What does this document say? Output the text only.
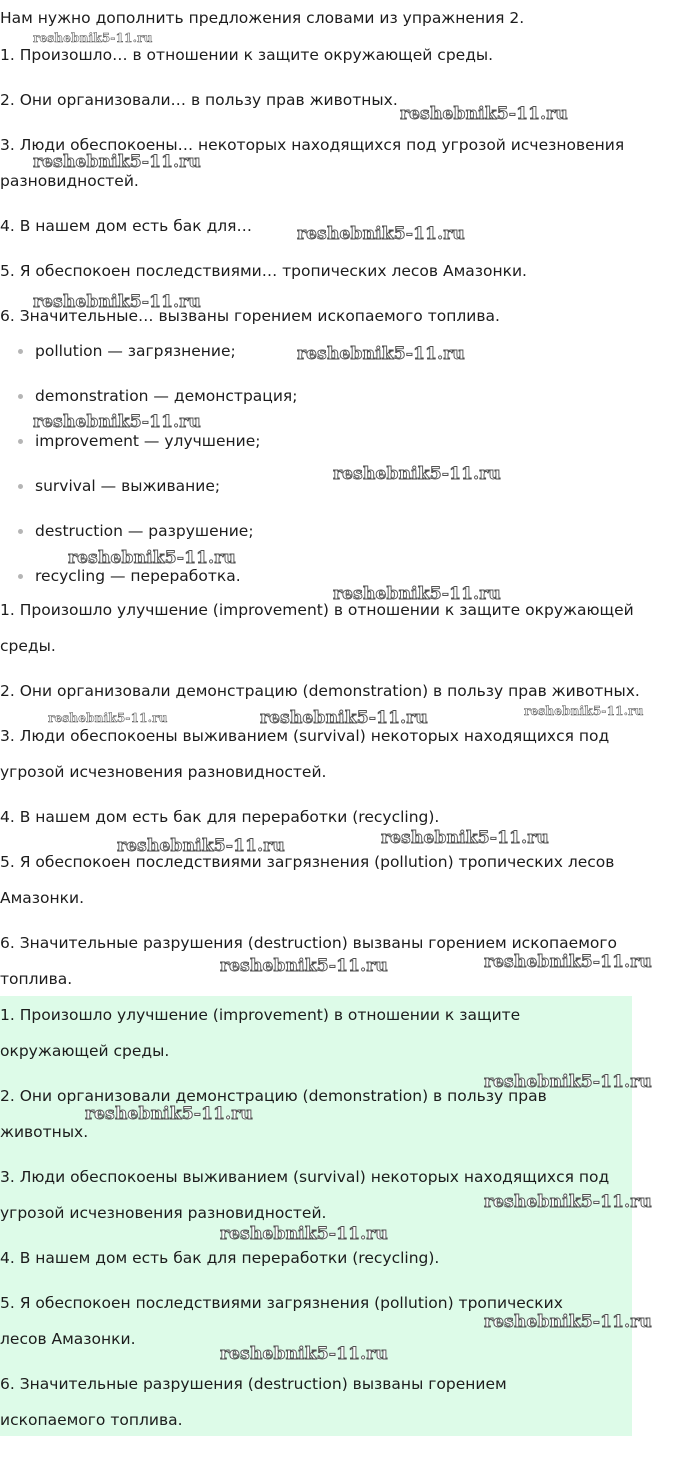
Нам нужно дополнить предложения словами из упражнения 2.

1. Произошло… в отношении к защите окружающей среды.

2. Они организовали… в пользу прав животных.

3. Люди обеспокоены… некоторых находящихся под угрозой исчезновения

разновидностей.

4. В нашем дом есть бак для…

5. Я обеспокоен последствиями… тропических лесов Амазонки.

6. Значительные… вызваны горением ископаемого топлива.

pollution — загрязнение;
demonstration — демонстрация;
improvement — улучшение;
survival — выживание;
destruction — разрушение;
recycling — переработка.

1. Произошло улучшение (improvement) в отношении к защите окружающей

среды.

2. Они организовали демонстрацию (demonstration) в пользу прав животных.

3. Люди обеспокоены выживанием (survival) некоторых находящихся под

угрозой исчезновения разновидностей.

4. В нашем дом есть бак для переработки (recycling).

5. Я обеспокоен последствиями загрязнения (pollution) тропических лесов

Амазонки.

6. Значительные разрушения (destruction) вызваны горением ископаемого

топлива.

1. Произошло улучшение (improvement) в отношении к защите

окружающей среды.

2. Они организовали демонстрацию (demonstration) в пользу прав

животных.

3. Люди обеспокоены выживанием (survival) некоторых находящихся под

угрозой исчезновения разновидностей.

4. В нашем дом есть бак для переработки (recycling).

5. Я обеспокоен последствиями загрязнения (pollution) тропических

лесов Амазонки.

6. Значительные разрушения (destruction) вызваны горением

ископаемого топлива.

reshebnik5-11.ru
reshebnik5-11.ru
reshebnik5-11.ru
reshebnik5-11.ru
reshebnik5-11.ru
reshebnik5-11.ru
reshebnik5-11.ru
reshebnik5-11.ru
reshebnik5-11.ru
reshebnik5-11.ru
reshebnik5-11.ru	reshebnik5-11.ru	reshebnik5-11.ru
reshebnik5-11.ru	reshebnik5-11.ru
reshebnik5-11.ru	reshebnik5-11.ru
reshebnik5-11.ru
reshebnik5-11.ru
reshebnik5-11.ru
reshebnik5-11.ru
reshebnik5-11.ru
reshebnik5-11.ru
